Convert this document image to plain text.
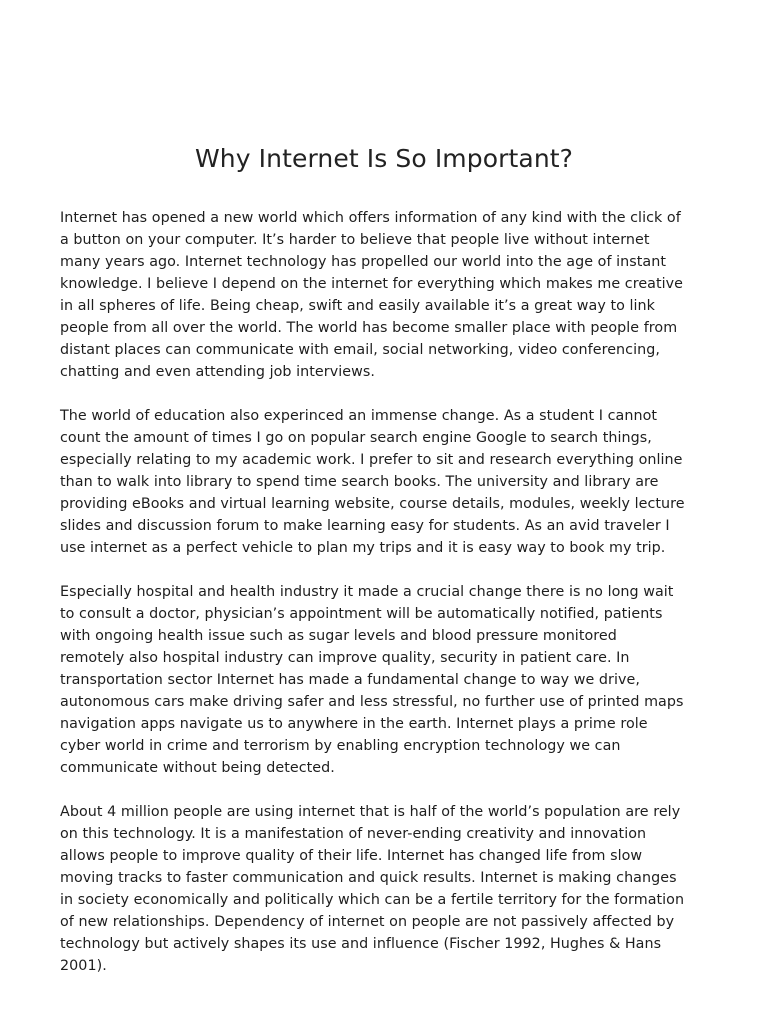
Why Internet Is So Important?

Internet has opened a new world which offers information of any kind with the click of
a button on your computer. It’s harder to believe that people live without internet
many years ago. Internet technology has propelled our world into the age of instant
knowledge. I believe I depend on the internet for everything which makes me creative
in all spheres of life. Being cheap, swift and easily available it’s a great way to link
people from all over the world. The world has become smaller place with people from
distant places can communicate with email, social networking, video conferencing,
chatting and even attending job interviews.

The world of education also experinced an immense change. As a student I cannot
count the amount of times I go on popular search engine Google to search things,
especially relating to my academic work. I prefer to sit and research everything online
than to walk into library to spend time search books. The university and library are
providing eBooks and virtual learning website, course details, modules, weekly lecture
slides and discussion forum to make learning easy for students. As an avid traveler I
use internet as a perfect vehicle to plan my trips and it is easy way to book my trip.

Especially hospital and health industry it made a crucial change there is no long wait
to consult a doctor, physician’s appointment will be automatically notified, patients
with ongoing health issue such as sugar levels and blood pressure monitored
remotely also hospital industry can improve quality, security in patient care. In
transportation sector Internet has made a fundamental change to way we drive,
autonomous cars make driving safer and less stressful, no further use of printed maps
navigation apps navigate us to anywhere in the earth. Internet plays a prime role
cyber world in crime and terrorism by enabling encryption technology we can
communicate without being detected.

About 4 million people are using internet that is half of the world’s population are rely
on this technology. It is a manifestation of never-ending creativity and innovation
allows people to improve quality of their life. Internet has changed life from slow
moving tracks to faster communication and quick results. Internet is making changes
in society economically and politically which can be a fertile territory for the formation
of new relationships. Dependency of internet on people are not passively affected by
technology but actively shapes its use and influence (Fischer 1992, Hughes & Hans
2001).
